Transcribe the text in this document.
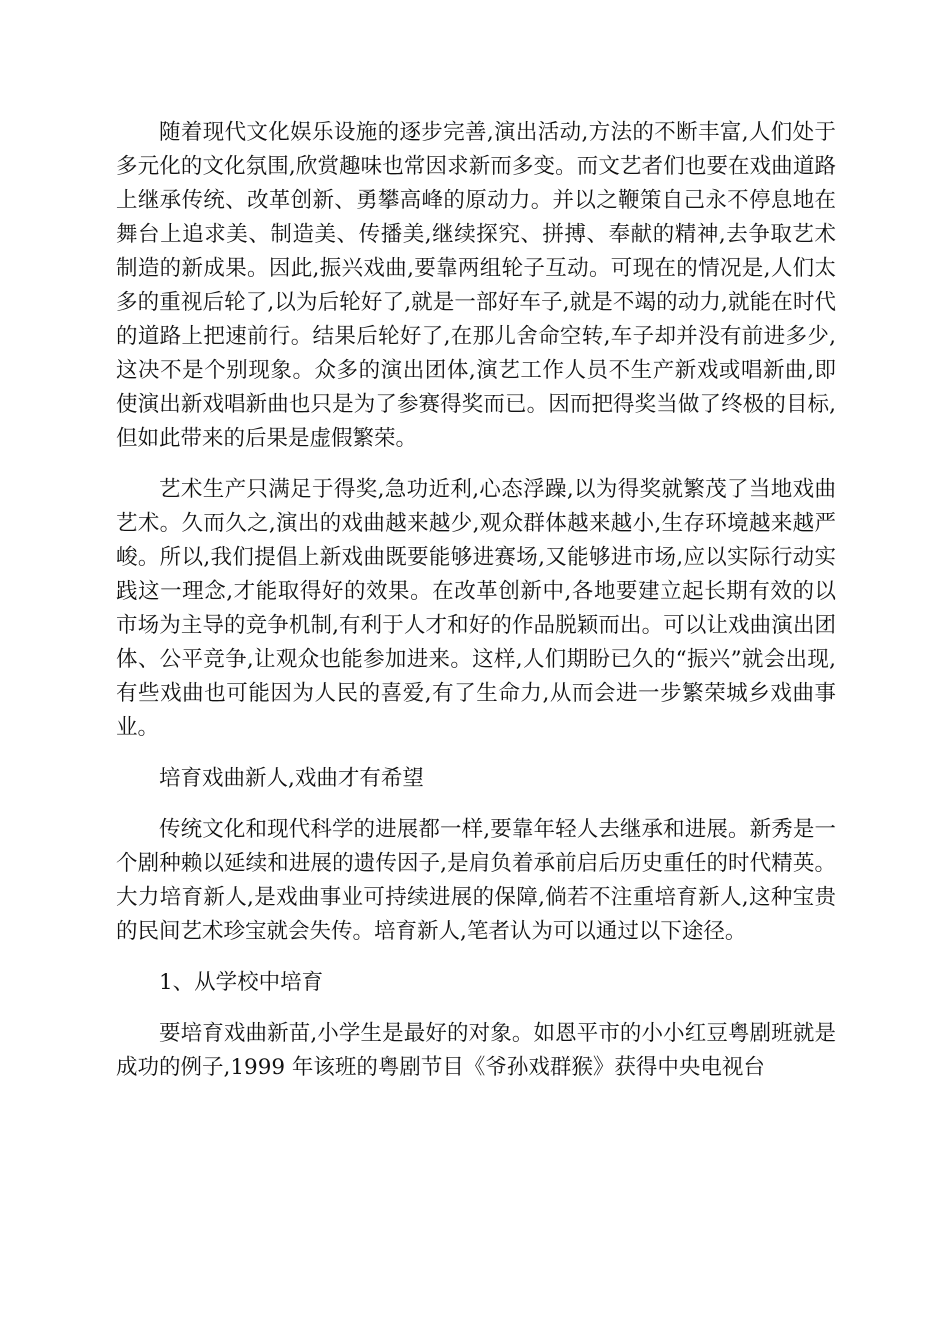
随着现代文化娱乐设施的逐步完善,演出活动,方法的不断丰富,人们处于多元化的文化氛围,欣赏趣味也常因求新而多变。而文艺者们也要在戏曲道路上继承传统、改革创新、勇攀高峰的原动力。并以之鞭策自己永不停息地在舞台上追求美、制造美、传播美,继续探究、拼搏、奉献的精神,去争取艺术制造的新成果。因此,振兴戏曲,要靠两组轮子互动。可现在的情况是,人们太多的重视后轮了,以为后轮好了,就是一部好车子,就是不竭的动力,就能在时代的道路上把速前行。结果后轮好了,在那儿舍命空转,车子却并没有前进多少,这决不是个别现象。众多的演出团体,演艺工作人员不生产新戏或唱新曲,即使演出新戏唱新曲也只是为了参赛得奖而已。因而把得奖当做了终极的目标,但如此带来的后果是虚假繁荣。

艺术生产只满足于得奖,急功近利,心态浮躁,以为得奖就繁茂了当地戏曲艺术。久而久之,演出的戏曲越来越少,观众群体越来越小,生存环境越来越严峻。所以,我们提倡上新戏曲既要能够进赛场,又能够进市场,应以实际行动实践这一理念,才能取得好的效果。在改革创新中,各地要建立起长期有效的以市场为主导的竞争机制,有利于人才和好的作品脱颖而出。可以让戏曲演出团体、公平竞争,让观众也能参加进来。这样,人们期盼已久的“振兴”就会出现,有些戏曲也可能因为人民的喜爱,有了生命力,从而会进一步繁荣城乡戏曲事业。

培育戏曲新人,戏曲才有希望

传统文化和现代科学的进展都一样,要靠年轻人去继承和进展。新秀是一个剧种赖以延续和进展的遗传因子,是肩负着承前启后历史重任的时代精英。大力培育新人,是戏曲事业可持续进展的保障,倘若不注重培育新人,这种宝贵的民间艺术珍宝就会失传。培育新人,笔者认为可以通过以下途径。

1、从学校中培育

要培育戏曲新苗,小学生是最好的对象。如恩平市的小小红豆粤剧班就是成功的例子,1999 年该班的粤剧节目《爷孙戏群猴》获得中央电视台
